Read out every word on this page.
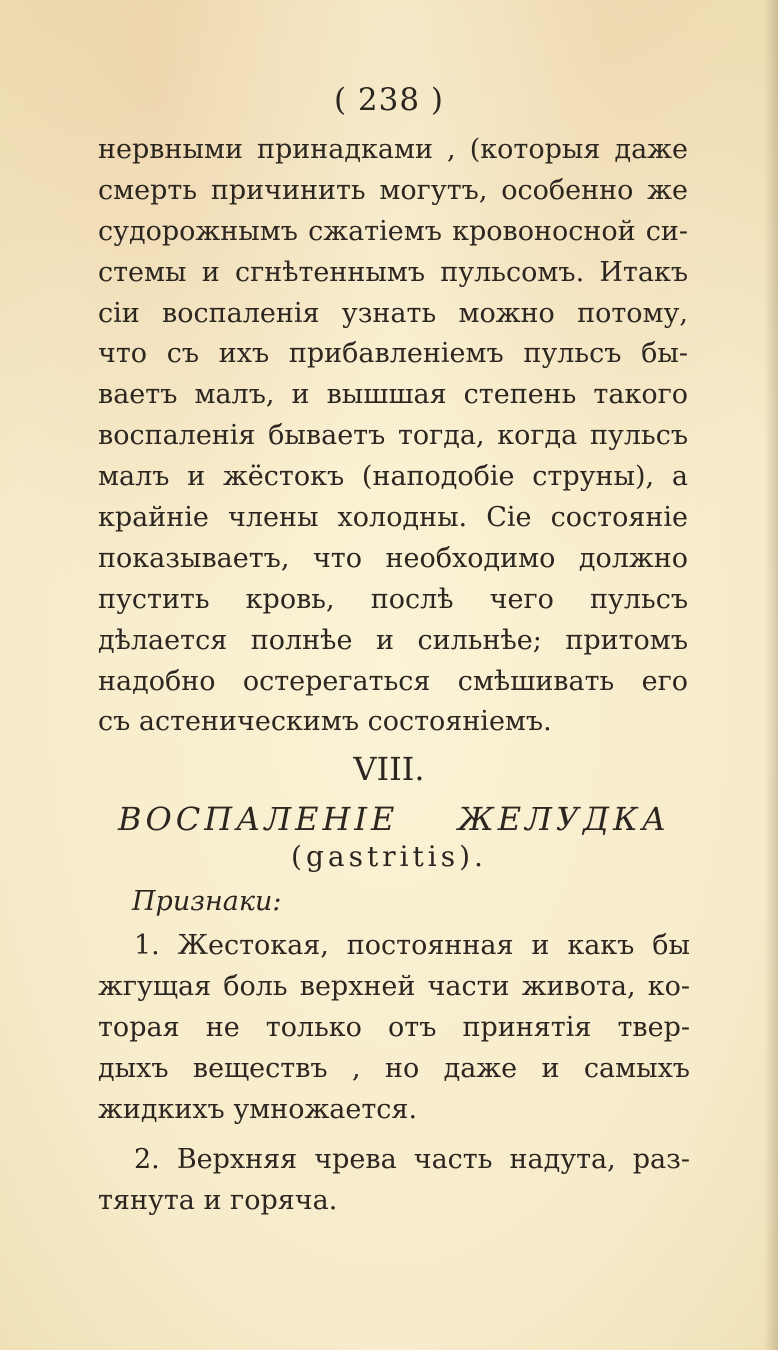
( 238 )
нервными принадками , (которыя даже
смерть причинить могутъ, особенно же
судорожнымъ сжатіемъ кровоносной си-
стемы и сгнѣтеннымъ пульсомъ. Итакъ
сіи воспаленія узнать можно потому,
что съ ихъ прибавленіемъ пульсъ бы-
ваетъ малъ, и вышшая степень такого
воспаленія бываетъ тогда, когда пульсъ
малъ и жёстокъ (наподобіе струны), а
крайніе члены холодны. Сіе состояніе
показываетъ, что необходимо должно
пустить кровь, послѣ чего пульсъ
дѣлается полнѣе и сильнѣе; притомъ
надобно остерегаться смѣшивать его
съ астеническимъ состояніемъ.
VIII.
ВОСПАЛЕНІЕ ЖЕЛУДКА
(gastritis).
Признаки:
1. Жестокая, постоянная и какъ бы
жгущая боль верхней части живота, ко-
торая не только отъ принятія твер-
дыхъ веществъ , но даже и самыхъ
жидкихъ умножается.
2. Верхняя чрева часть надута, раз-
тянута и горяча.
